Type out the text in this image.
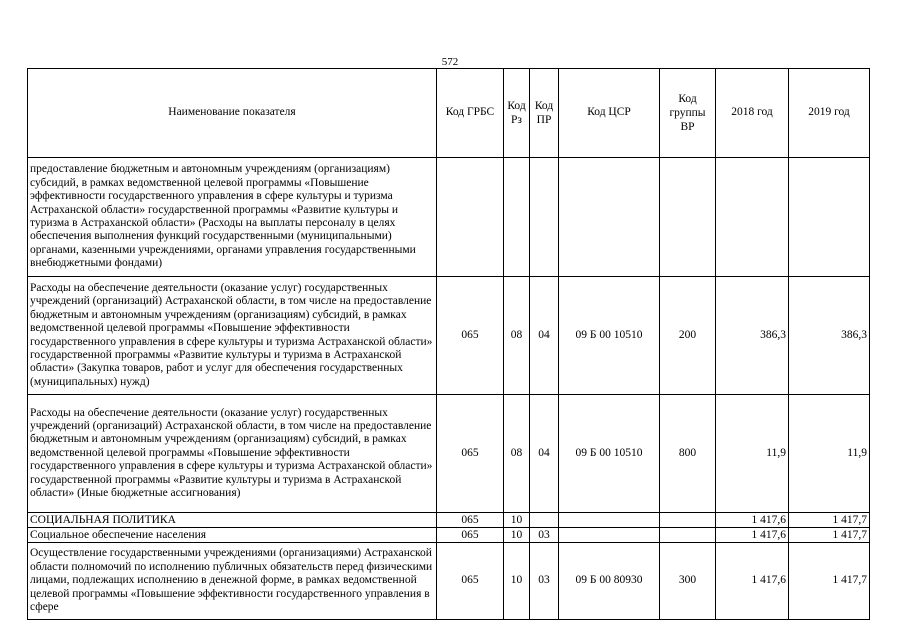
572
Наименование показателя	Код ГРБС	Код Рз	Код ПР	Код ЦСР	Код группы ВР	2018 год	2019 год
предоставление бюджетным и автономным учреждениям (организациям) субсидий, в рамках ведомственной целевой программы «Повышение эффективности государственного управления в сфере культуры и туризма Астраханской области» государственной программы «Развитие культуры и туризма в Астраханской области» (Расходы на выплаты персоналу в целях обеспечения выполнения функций государственными (муниципальными) органами, казенными учреждениями, органами управления государственными внебюджетными фондами)							
Расходы на обеспечение деятельности (оказание услуг) государственных учреждений (организаций) Астраханской области, в том числе на предоставление бюджетным и автономным учреждениям (организациям) субсидий, в рамках ведомственной целевой программы «Повышение эффективности государственного управления в сфере культуры и туризма Астраханской области» государственной программы «Развитие культуры и туризма в Астраханской области» (Закупка товаров, работ и услуг для обеспечения государственных (муниципальных) нужд)	065	08	04	09 Б 00 10510	200	386,3	386,3
Расходы на обеспечение деятельности (оказание услуг) государственных учреждений (организаций) Астраханской области, в том числе на предоставление бюджетным и автономным учреждениям (организациям) субсидий, в рамках ведомственной целевой программы «Повышение эффективности государственного управления в сфере культуры и туризма Астраханской области» государственной программы «Развитие культуры и туризма в Астраханской области» (Иные бюджетные ассигнования)	065	08	04	09 Б 00 10510	800	11,9	11,9
СОЦИАЛЬНАЯ ПОЛИТИКА	065	10				1 417,6	1 417,7
Социальное обеспечение населения	065	10	03			1 417,6	1 417,7
Осуществление государственными учреждениями (организациями) Астраханской области полномочий по исполнению публичных обязательств перед физическими лицами, подлежащих исполнению в денежной форме, в рамках ведомственной целевой программы «Повышение эффективности государственного управления в сфере	065	10	03	09 Б 00 80930	300	1 417,6	1 417,7
